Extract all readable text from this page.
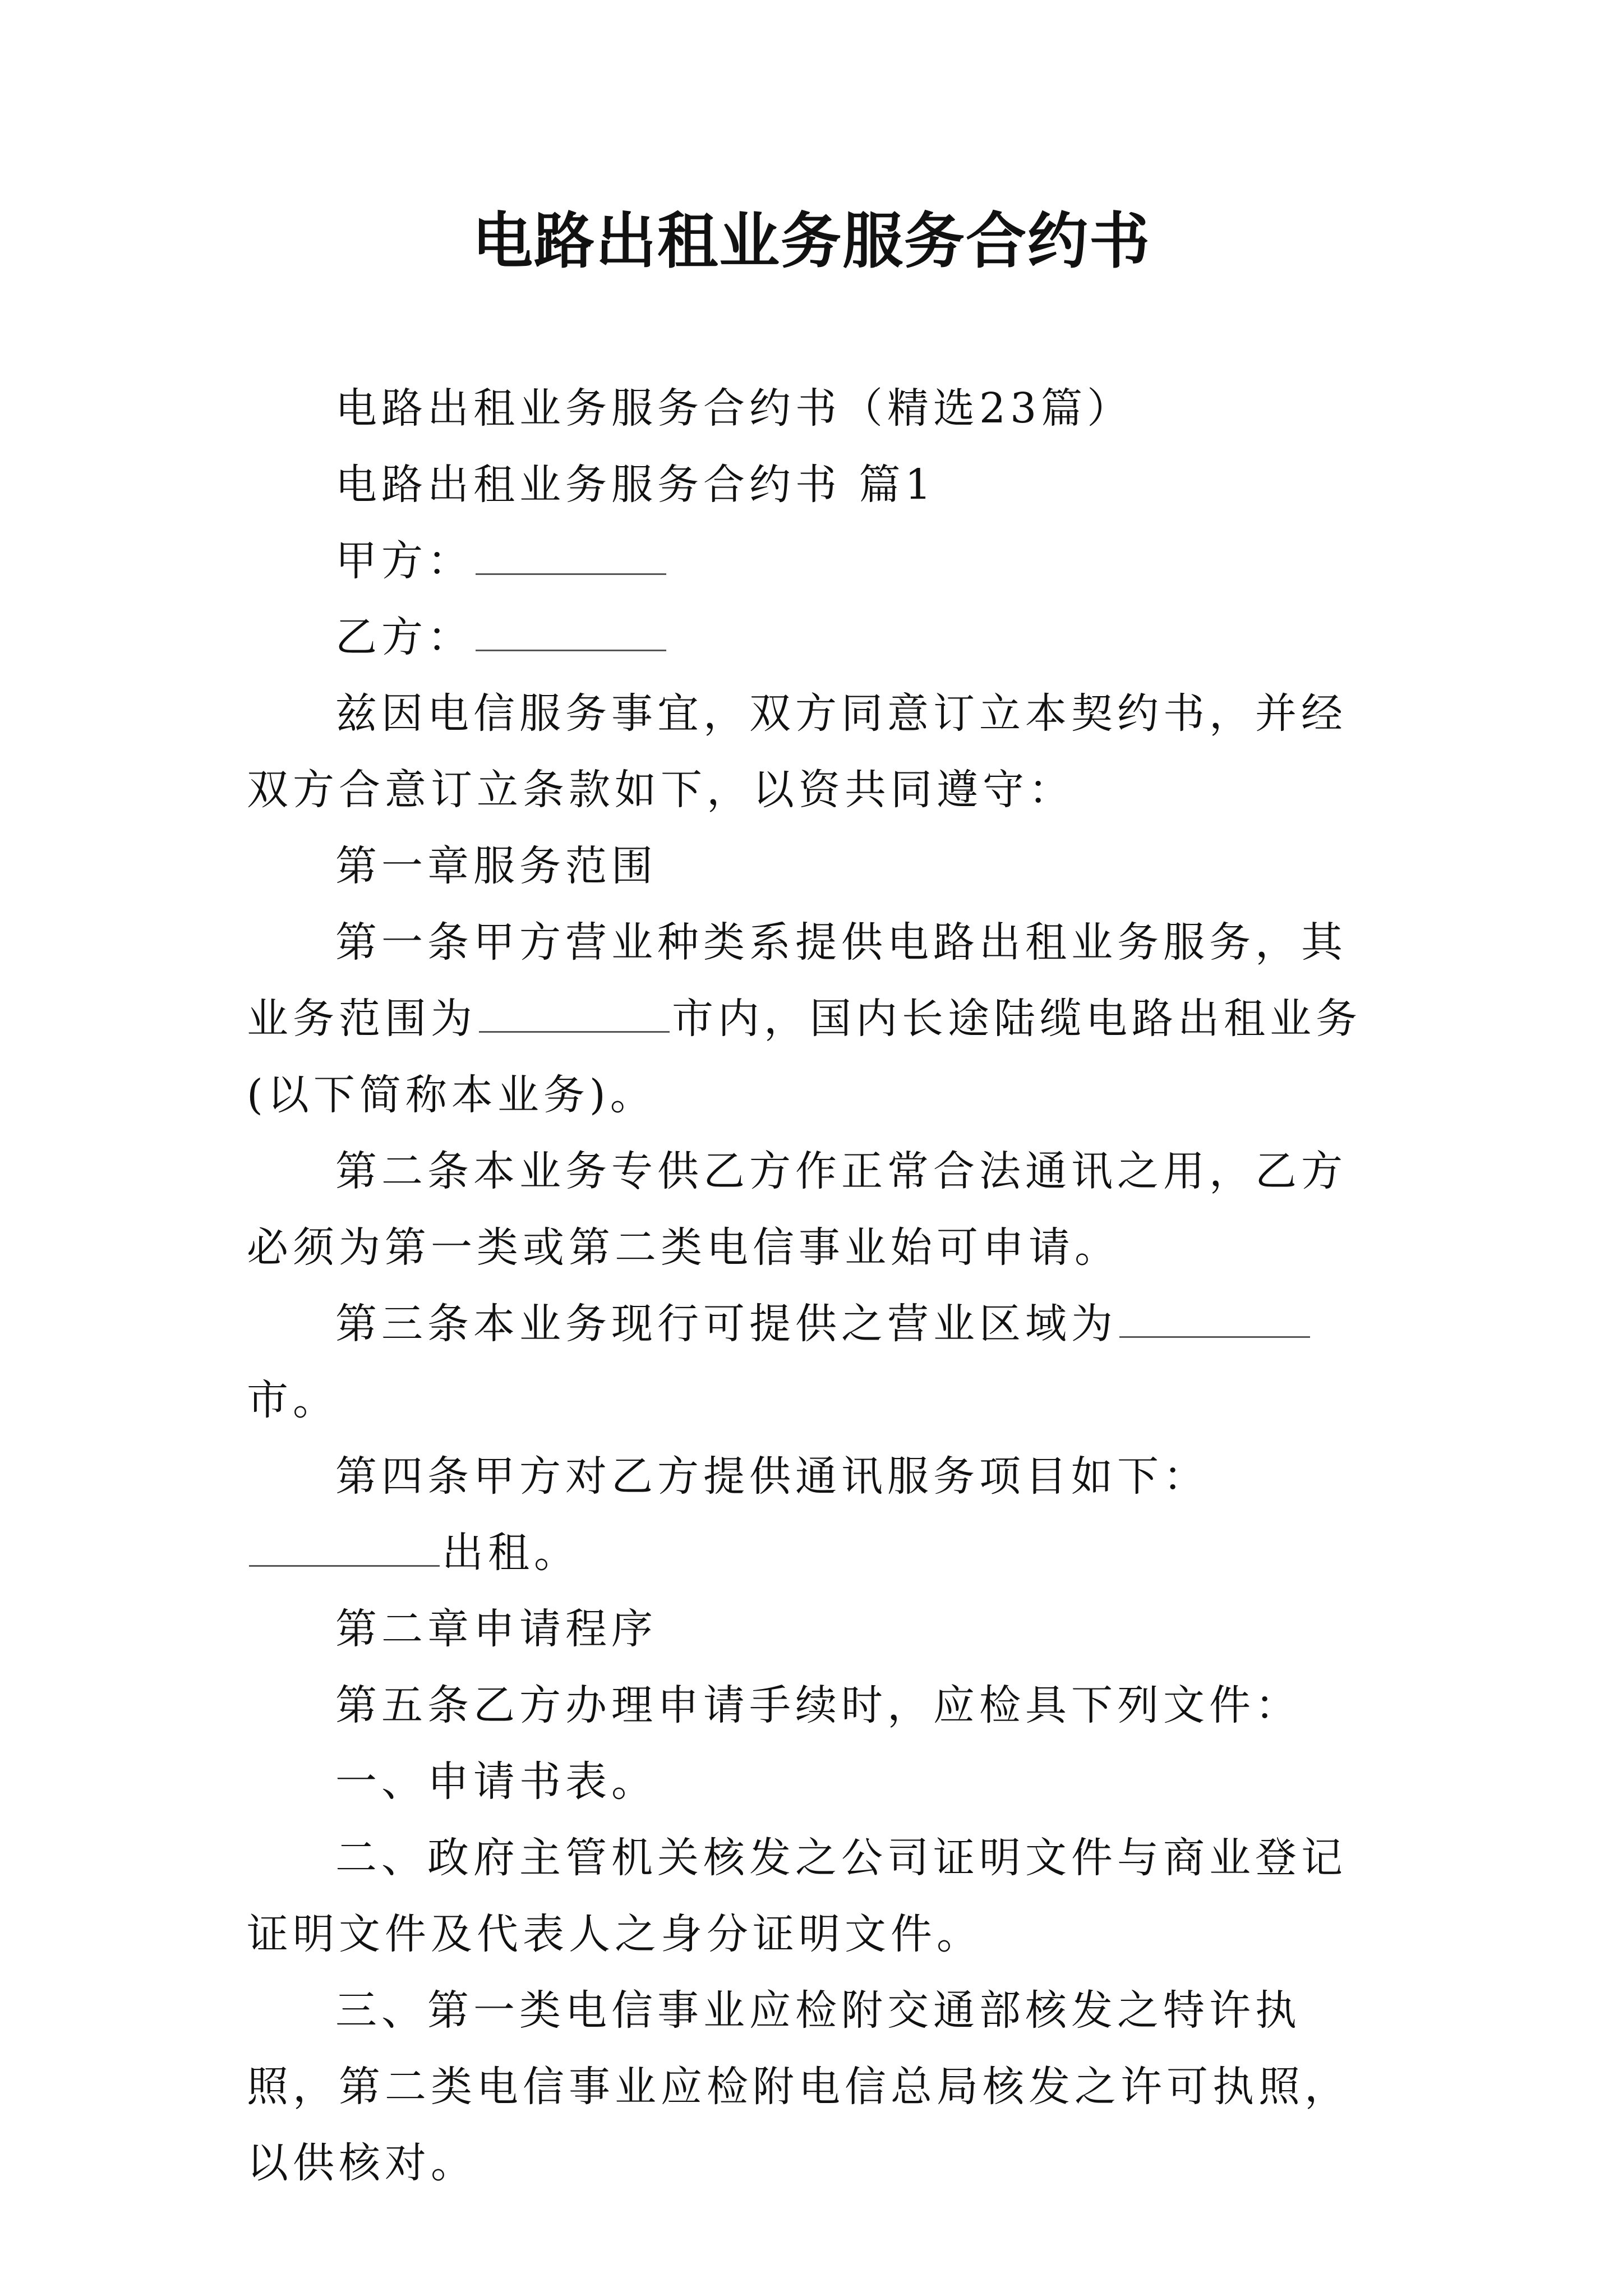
电路出租业务服务合约书

电路出租业务服务合约书（精选23篇）

电路出租业务服务合约书 篇1

甲方：

乙方：

兹因电信服务事宜，双方同意订立本契约书，并经双方合意订立条款如下，以资共同遵守：

第一章服务范围

第一条甲方营业种类系提供电路出租业务服务，其业务范围为	市内，国内长途陆缆电路出租业务(以下简称本业务)。

第二条本业务专供乙方作正常合法通讯之用，乙方必须为第一类或第二类电信事业始可申请。

第三条本业务现行可提供之营业区域为市。

第四条甲方对乙方提供通讯服务项目如下：出租。

第二章申请程序

第五条乙方办理申请手续时，应检具下列文件：

一、申请书表。

二、政府主管机关核发之公司证明文件与商业登记证明文件及代表人之身分证明文件。

三、第一类电信事业应检附交通部核发之特许执照，第二类电信事业应检附电信总局核发之许可执照，以供核对。
